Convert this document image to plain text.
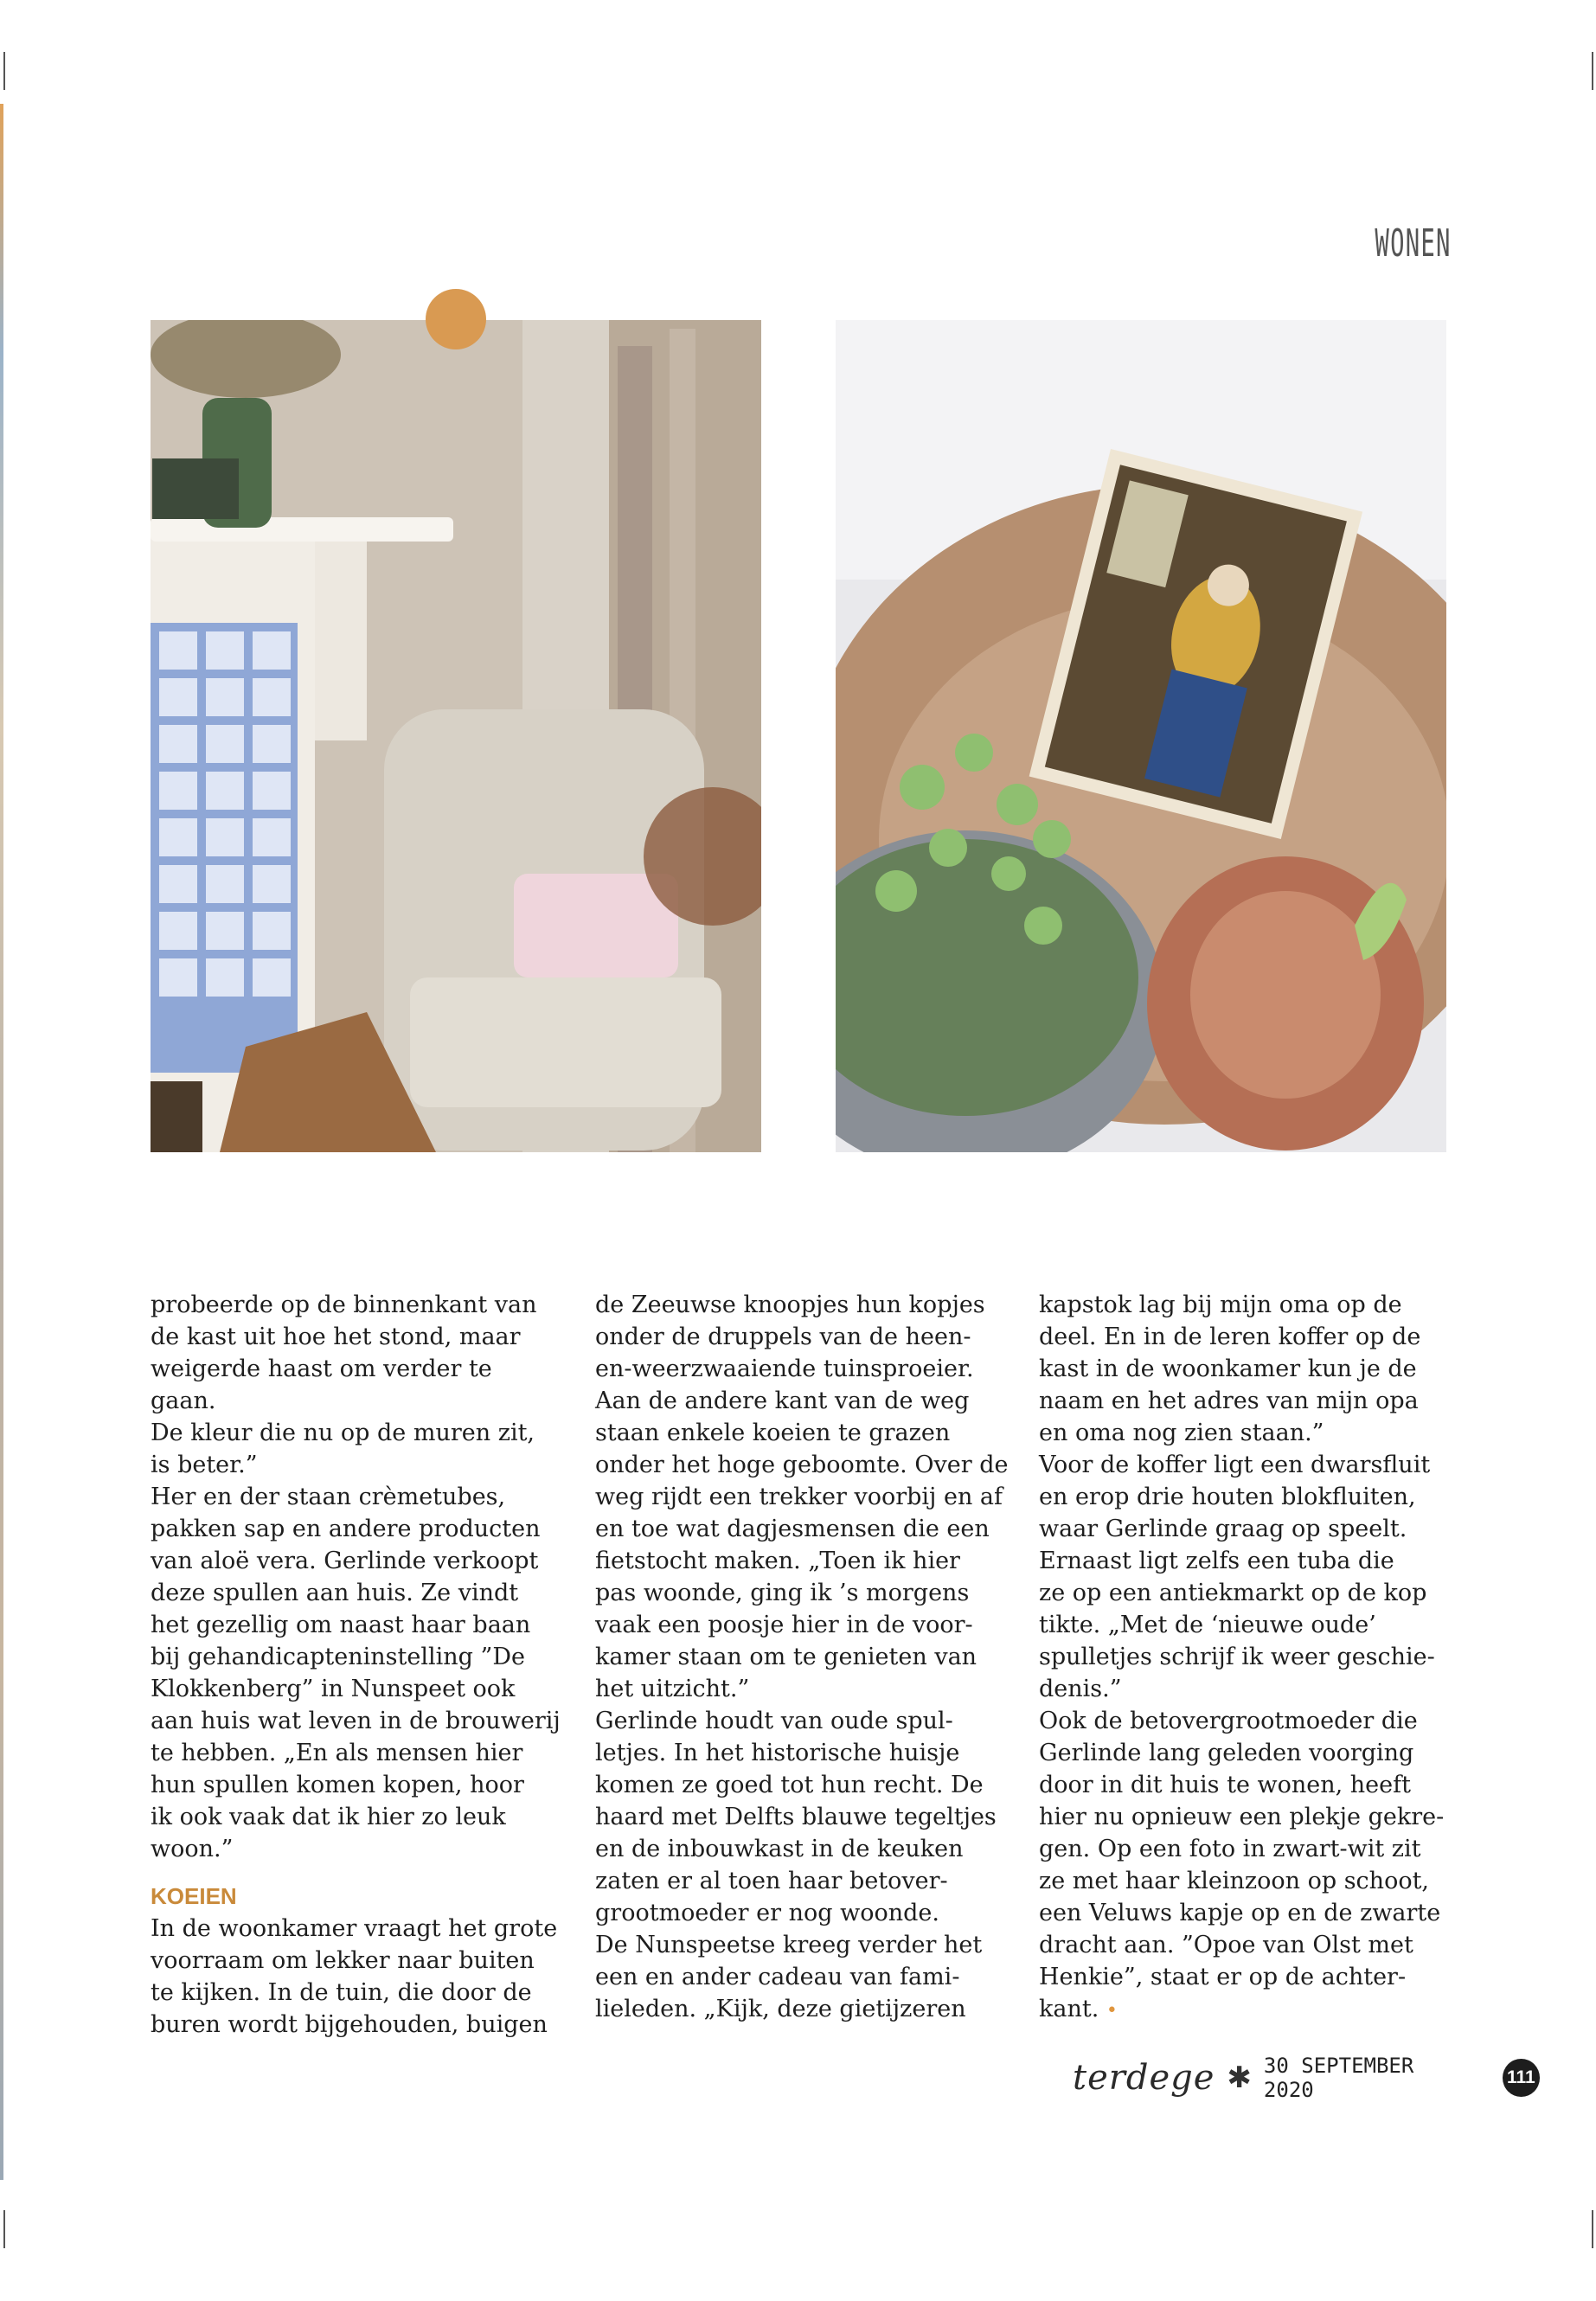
WONEN

probeerde op de binnenkant van
de kast uit hoe het stond, maar
weigerde haast om verder te gaan.
De kleur die nu op de muren zit,
is beter.”
Her en der staan crèmetubes,
pakken sap en andere producten
van aloë vera. Gerlinde verkoopt
deze spullen aan huis. Ze vindt
het gezellig om naast haar baan
bij gehandicapteninstelling ”De
Klokkenberg” in Nunspeet ook
aan huis wat leven in de brouwerij
te hebben. „En als mensen hier
hun spullen komen kopen, hoor
ik ook vaak dat ik hier zo leuk
woon.”

KOEIEN

In de woonkamer vraagt het grote
voorraam om lekker naar buiten
te kijken. In de tuin, die door de
buren wordt bijgehouden, buigen

de Zeeuwse knoopjes hun kopjes
onder de druppels van de heen-
en-weerzwaaiende tuinsproeier.
Aan de andere kant van de weg
staan enkele koeien te grazen
onder het hoge geboomte. Over de
weg rijdt een trekker voorbij en af
en toe wat dagjesmensen die een
fietstocht maken. „Toen ik hier
pas woonde, ging ik ’s morgens
vaak een poosje hier in de voor-
kamer staan om te genieten van
het uitzicht.”
Gerlinde houdt van oude spul-
letjes. In het historische huisje
komen ze goed tot hun recht. De
haard met Delfts blauwe tegeltjes
en de inbouwkast in de keuken
zaten er al toen haar betover-
grootmoeder er nog woonde.
De Nunspeetse kreeg verder het
een en ander cadeau van fami-
lieleden. „Kijk, deze gietijzeren

kapstok lag bij mijn oma op de
deel. En in de leren koffer op de
kast in de woonkamer kun je de
naam en het adres van mijn opa
en oma nog zien staan.”
Voor de koffer ligt een dwarsfluit
en erop drie houten blokfluiten,
waar Gerlinde graag op speelt.
Ernaast ligt zelfs een tuba die
ze op een antiekmarkt op de kop
tikte. „Met de ‘nieuwe oude’
spulletjes schrijf ik weer geschie-
denis.”
Ook de betovergrootmoeder die
Gerlinde lang geleden voorging
door in dit huis te wonen, heeft
hier nu opnieuw een plekje gekre-
gen. Op een foto in zwart-wit zit
ze met haar kleinzoon op schoot,
een Veluws kapje op en de zwarte
dracht aan. ”Opoe van Olst met
Henkie”, staat er op de achter-
kant. •

terdege ✱ 30 SEPTEMBER 2020
111
